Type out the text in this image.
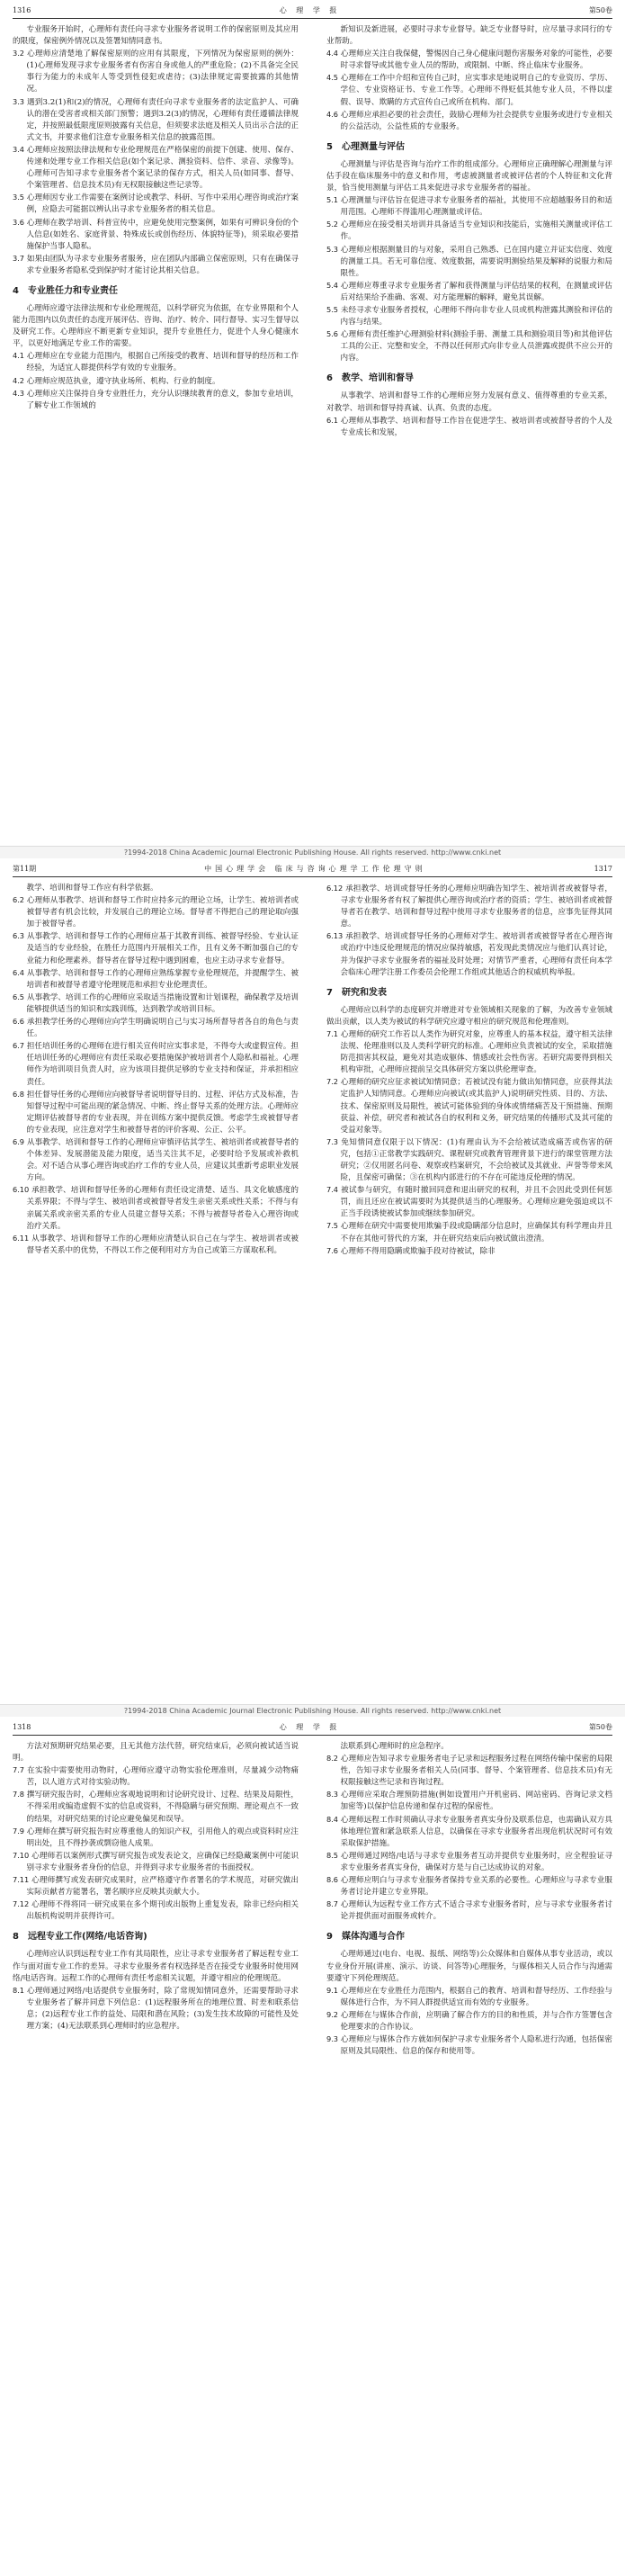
1316	心 理 学 报	第50卷
专业服务开始时，心理师有责任向寻求专业服务者说明工作的保密原则及其应用的限度，保密例外情况以及签署知情同意书。
3.2 心理师应清楚地了解保密原则的应用有其限度，下列情况为保密原则的例外：(1)心理师发现寻求专业服务者有伤害自身或他人的严重危险；(2)不具备完全民事行为能力的未成年人等受到性侵犯或虐待；(3)法律规定需要披露的其他情况。
3.3 遇到3.2(1)和(2)的情况，心理师有责任向寻求专业服务者的法定监护人、可确认的潜在受害者或相关部门预警；遇到3.2(3)的情况，心理师有责任遵循法律规定，并按照最低限度原则披露有关信息，但须要求法庭及相关人员出示合法的正式文书，并要求他们注意专业服务相关信息的披露范围。
3.4 心理师应按照法律法规和专业伦理规范在严格保密的前提下创建、使用、保存、传递和处理专业工作相关信息(如个案记录、测验资料、信件、录音、录像等)。心理师可告知寻求专业服务者个案记录的保存方式，相关人员(如同事、督导、个案管理者、信息技术员)有无权限接触这些记录等。
3.5 心理师因专业工作需要在案例讨论或教学、科研、写作中采用心理咨询或治疗案例，应隐去可能据以辨认出寻求专业服务者的相关信息。
3.6 心理师在教学培训、科普宣传中，应避免使用完整案例，如果有可辨识身份的个人信息(如姓名、家庭背景、特殊成长或创伤经历、体貌特征等)，须采取必要措施保护当事人隐私。
3.7 如果由团队为寻求专业服务者服务，应在团队内部确立保密原则，只有在确保寻求专业服务者隐私受到保护时才能讨论其相关信息。
4　专业胜任力和专业责任
心理师应遵守法律法规和专业伦理规范，以科学研究为依据，在专业界限和个人能力范围内以负责任的态度开展评估、咨询、治疗、转介、同行督导、实习生督导以及研究工作。心理师应不断更新专业知识，提升专业胜任力，促进个人身心健康水平，以更好地满足专业工作的需要。
4.1 心理师应在专业能力范围内，根据自己所接受的教育、培训和督导的经历和工作经验，为适宜人群提供科学有效的专业服务。
4.2 心理师应规范执业，遵守执业场所、机构、行业的制度。
4.3 心理师应关注保持自身专业胜任力，充分认识继续教育的意义，参加专业培训，了解专业工作领域的
新知识及新进展，必要时寻求专业督导。缺乏专业督导时，应尽量寻求同行的专业帮助。
4.4 心理师应关注自我保健，警惕因自己身心健康问题伤害服务对象的可能性，必要时寻求督导或其他专业人员的帮助，或限制、中断、终止临床专业服务。
4.5 心理师在工作中介绍和宣传自己时，应实事求是地说明自己的专业资历、学历、学位、专业资格证书、专业工作等。心理师不得贬低其他专业人员，不得以虚假、误导、欺瞒的方式宣传自己或所在机构、部门。
4.6 心理师应承担必要的社会责任，鼓励心理师为社会提供专业服务或进行专业相关的公益活动，公益性质的专业服务。
5　心理测量与评估
心理测量与评估是咨询与治疗工作的组成部分。心理师应正确理解心理测量与评估手段在临床服务中的意义和作用，考虑被测量者或被评估者的个人特征和文化背景，恰当使用测量与评估工具来促进寻求专业服务者的福祉。
5.1 心理测量与评估旨在促进寻求专业服务者的福祉，其使用不应超越服务目的和适用范围。心理师不得滥用心理测量或评估。
5.2 心理师应在接受相关培训并具备适当专业知识和技能后，实施相关测量或评估工作。
5.3 心理师应根据测量目的与对象，采用自己熟悉、已在国内建立并证实信度、效度的测量工具。若无可靠信度、效度数据，需要说明测验结果及解释的说服力和局限性。
5.4 心理师应尊重寻求专业服务者了解和获得测量与评估结果的权利，在测量或评估后对结果给予准确、客观、对方能理解的解释，避免其误解。
5.5 未经寻求专业服务者授权，心理师不得向非专业人员或机构泄露其测验和评估的内容与结果。
5.6 心理师有责任维护心理测验材料(测验手册、测量工具和测验项目等)和其他评估工具的公正、完整和安全，不得以任何形式向非专业人员泄露或提供不应公开的内容。
6　教学、培训和督导
从事教学、培训和督导工作的心理师应努力发展有意义、值得尊重的专业关系，对教学、培训和督导持真诚、认真、负责的态度。
6.1 心理师从事教学、培训和督导工作旨在促进学生、被培训者或被督导者的个人及专业成长和发展，
?1994-2018 China Academic Journal Electronic Publishing House. All rights reserved. http://www.cnki.net
第11期	中国心理学会 临床与咨询心理学工作伦理守则	1317
教学、培训和督导工作应有科学依据。
6.2 心理师从事教学、培训和督导工作时应持多元的理论立场，让学生、被培训者或被督导者有机会比较，并发展自己的理论立场。督导者不得把自己的理论取向强加于被督导者。
6.3 从事教学、培训和督导工作的心理师应基于其教育训练、被督导经验、专业认证及适当的专业经验，在胜任力范围内开展相关工作，且有义务不断加强自己的专业能力和伦理素养。督导者在督导过程中遇到困难，也应主动寻求专业督导。
6.4 从事教学、培训和督导工作的心理师应熟练掌握专业伦理规范，并提醒学生、被培训者和被督导者遵守伦理规范和承担专业伦理责任。
6.5 从事教学、培训工作的心理师应采取适当措施设置和计划课程，确保教学及培训能够提供适当的知识和实践训练，达到教学或培训目标。
6.6 承担教学任务的心理师应向学生明确说明自己与实习场所督导者各自的角色与责任。
6.7 担任培训任务的心理师在进行相关宣传时应实事求是，不得夸大或虚假宣传。担任培训任务的心理师应有责任采取必要措施保护被培训者个人隐私和福祉。心理师作为培训项目负责人时，应为该项目提供足够的专业支持和保证，并承担相应责任。
6.8 担任督导任务的心理师应向被督导者说明督导目的、过程、评估方式及标准，告知督导过程中可能出现的紧急情况、中断、终止督导关系的处理方法。心理师应定期评估被督导者的专业表现，并在训练方案中提供反馈。考虑学生或被督导者的专业表现，应注意对学生和被督导者的评价客观、公正、公平。
6.9 从事教学、培训和督导工作的心理师应审慎评估其学生、被培训者或被督导者的个体差异、发展潜能及能力限度，适当关注其不足，必要时给予发展或补救机会。对不适合从事心理咨询或治疗工作的专业人员，应建议其重新考虑职业发展方向。
6.10 承担教学、培训和督导任务的心理师有责任设定清楚、适当、具文化敏感度的关系界限；不得与学生、被培训者或被督导者发生亲密关系或性关系；不得与有亲属关系或亲密关系的专业人员建立督导关系；不得与被督导者卷入心理咨询或治疗关系。
6.11 从事教学、培训和督导工作的心理师应清楚认识自己在与学生、被培训者或被督导者关系中的优势，不得以工作之便利用对方为自己或第三方谋取私利。
6.12 承担教学、培训或督导任务的心理师应明确告知学生、被培训者或被督导者，寻求专业服务者有权了解提供心理咨询或治疗者的资质；学生、被培训者或被督导者若在教学、培训和督导过程中使用寻求专业服务者的信息，应事先征得其同意。
6.13 承担教学、培训或督导任务的心理师对学生、被培训者或被督导者在心理咨询或治疗中违反伦理规范的情况应保持敏感，若发现此类情况应与他们认真讨论，并为保护寻求专业服务者的福祉及时处理；对情节严重者，心理师有责任向本学会临床心理学注册工作委员会伦理工作组或其他适合的权威机构举报。
7　研究和发表
心理师应以科学的态度研究并增进对专业领域相关现象的了解，为改善专业领域做出贡献，以人类为被试的科学研究应遵守相应的研究规范和伦理准则。
7.1 心理师的研究工作若以人类作为研究对象，应尊重人的基本权益，遵守相关法律法规、伦理准则以及人类科学研究的标准。心理师应负责被试的安全，采取措施防范损害其权益，避免对其造成躯体、情感或社会性伤害。若研究需要得到相关机构审批，心理师应提前呈交具体研究方案以供伦理审查。
7.2 心理师的研究应征求被试知情同意；若被试没有能力做出知情同意，应获得其法定监护人知情同意。心理师应向被试(或其监护人)说明研究性质、目的、方法、技术、保密原则及局限性，被试可能体验到的身体或情绪痛苦及干预措施、预期获益、补偿，研究者和被试各自的权利和义务，研究结果的传播形式及其可能的受益对象等。
7.3 免知情同意仅限于以下情况：(1)有理由认为不会给被试造成痛苦或伤害的研究，包括①正常教学实践研究、课程研究或教育管理背景下进行的课堂管理方法研究；②仅用匿名问卷、观察或档案研究，不会给被试及其就业、声誉等带来风险，且保密可确保；③在机构内部进行的不存在可能违反伦理的情况。
7.4 被试参与研究，有随时撤回同意和退出研究的权利，并且不会因此受到任何惩罚，而且还应在被试需要时为其提供适当的心理服务。心理师应避免强迫或以不正当手段诱使被试参加或继续参加研究。
7.5 心理师在研究中需要使用欺骗手段或隐瞒部分信息时，应确保其有科学理由并且不存在其他可替代的方案，并在研究结束后向被试做出澄清。
7.6 心理师不得用隐瞒或欺骗手段对待被试，除非
?1994-2018 China Academic Journal Electronic Publishing House. All rights reserved. http://www.cnki.net
1318	心 理 学 报	第50卷
方法对预期研究结果必要，且无其他方法代替，研究结束后，必须向被试适当说明。
7.7 在实验中需要使用动物时，心理师应遵守动物实验伦理准则，尽量减少动物痛苦，以人道方式对待实验动物。
7.8 撰写研究报告时，心理师应客观地说明和讨论研究设计、过程、结果及局限性，不得采用或编造虚假不实的信息或资料，不得隐瞒与研究预期、理论观点不一致的结果，对研究结果的讨论应避免偏见和误导。
7.9 心理师在撰写研究报告时应尊重他人的知识产权，引用他人的观点或资料时应注明出处，且不得抄袭或剽窃他人成果。
7.10 心理师若以案例形式撰写研究报告或发表论文，应确保已经隐藏案例中可能识别寻求专业服务者身份的信息，并得到寻求专业服务者的书面授权。
7.11 心理师撰写或发表研究成果时，应严格遵守作者署名的学术规范，对研究做出实际贡献者方能署名，署名顺序应反映其贡献大小。
7.12 心理师不得将同一研究成果在多个期刊或出版物上重复发表，除非已经向相关出版机构说明并获得许可。
8　远程专业工作(网络/电话咨询)
心理师应认识到远程专业工作有其局限性，应让寻求专业服务者了解远程专业工作与面对面专业工作的差异。寻求专业服务者有权选择是否在接受专业服务时使用网络/电话咨询。远程工作的心理师有责任考虑相关议题，并遵守相应的伦理规范。
8.1 心理师通过网络/电话提供专业服务时，除了常规知情同意外，还需要帮助寻求专业服务者了解并同意下列信息：(1)远程服务所在的地理位置、时差和联系信息；(2)远程专业工作的益处、局限和潜在风险；(3)发生技术故障的可能性及处理方案；(4)无法联系到心理师时的应急程序。
法联系到心理师时的应急程序。
8.2 心理师应告知寻求专业服务者电子记录和远程服务过程在网络传输中保密的局限性，告知寻求专业服务者相关人员(同事、督导、个案管理者、信息技术员)有无权限接触这些记录和咨询过程。
8.3 心理师应采取合理预防措施(例如设置用户开机密码、网站密码、咨询记录文档加密等)以保护信息传递和保存过程的保密性。
8.4 心理师远程工作时须确认寻求专业服务者真实身份及联系信息，也需确认双方具体地理位置和紧急联系人信息，以确保在寻求专业服务者出现危机状况时可有效采取保护措施。
8.5 心理师通过网络/电话与寻求专业服务者互动并提供专业服务时，应全程验证寻求专业服务者真实身份，确保对方是与自己达成协议的对象。
8.6 心理师应明白与寻求专业服务者保持专业关系的必要性。心理师应与寻求专业服务者讨论并建立专业界限。
8.7 心理师认为远程专业工作方式不适合寻求专业服务者时，应与寻求专业服务者讨论并提供面对面服务或转介。
9　媒体沟通与合作
心理师通过(电台、电视、报纸、网络等)公众媒体和自媒体从事专业活动，或以专业身份开展(讲座、演示、访谈、问答等)心理服务，与媒体相关人员合作与沟通需要遵守下列伦理规范。
9.1 心理师应在专业胜任力范围内，根据自己的教育、培训和督导经历、工作经验与媒体进行合作，为不同人群提供适宜而有效的专业服务。
9.2 心理师在与媒体合作前，应明确了解合作方的目的和性质，并与合作方签署包含伦理要求的合作协议。
9.3 心理师应与媒体合作方就如何保护寻求专业服务者个人隐私进行沟通，包括保密原则及其局限性、信息的保存和使用等。
